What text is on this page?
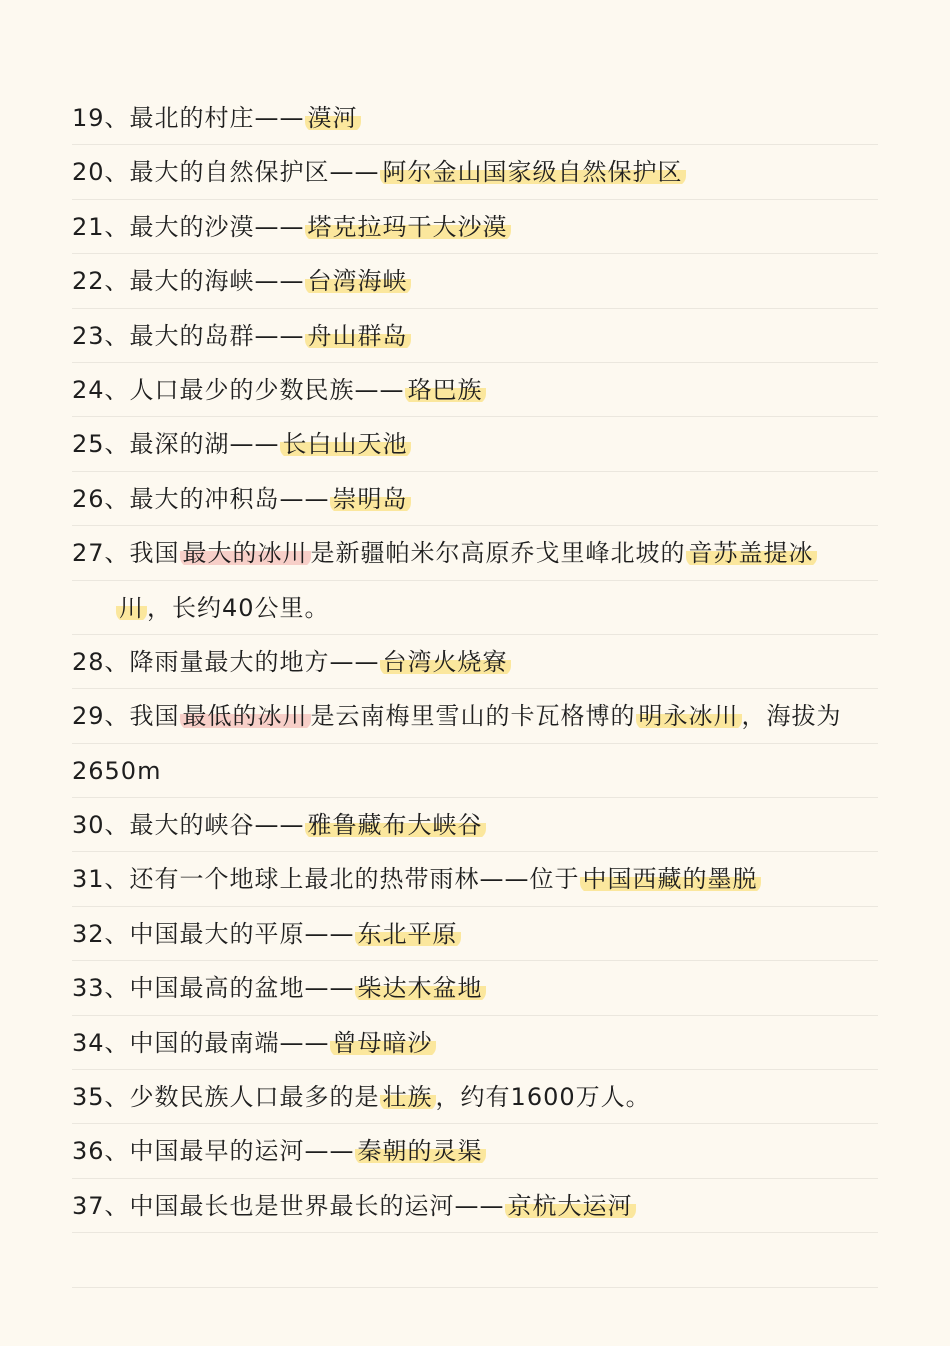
19、最北的村庄—— 漠河
20、最大的自然保护区—— 阿尔金山国家级自然保护区
21、最大的沙漠—— 塔克拉玛干大沙漠
22、最大的海峡—— 台湾海峡
23、最大的岛群—— 舟山群岛
24、人口最少的少数民族—— 珞巴族
25、最深的湖—— 长白山天池
26、最大的冲积岛—— 崇明岛
27、我国 最大的冰川 是新疆帕米尔高原乔戈里峰北坡的 音苏盖提冰
川 ，长约40公里。
28、降雨量最大的地方—— 台湾火烧寮
29、我国 最低的冰川 是云南梅里雪山的卡瓦格博的 明永冰川 ，海拔为
2650m
30、最大的峡谷—— 雅鲁藏布大峡谷
31、还有一个地球上最北的热带雨林——位于 中国西藏的墨脱
32、中国最大的平原—— 东北平原
33、中国最高的盆地—— 柴达木盆地
34、中国的最南端—— 曾母暗沙
35、少数民族人口最多的是 壮族 ，约有1600万人。
36、中国最早的运河—— 秦朝的灵渠
37、中国最长也是世界最长的运河—— 京杭大运河
